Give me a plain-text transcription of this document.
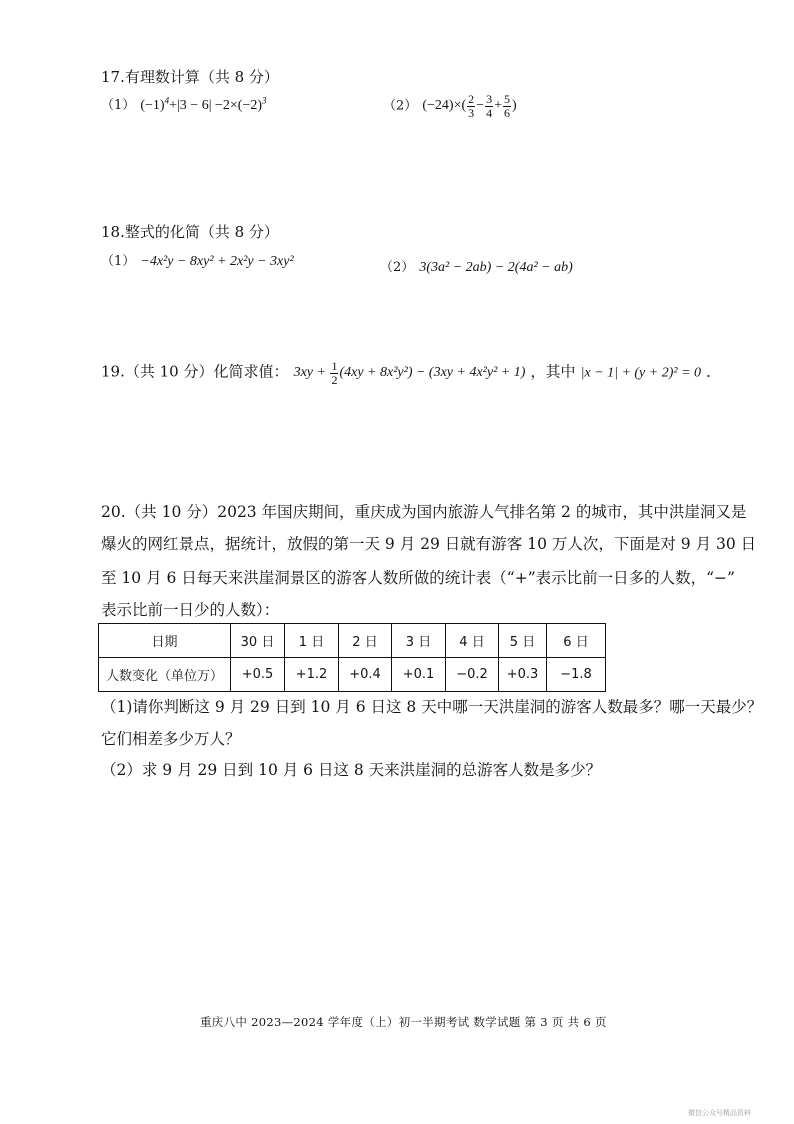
17.有理数计算（共 8 分）
（1） $(-1)^4+|3 - 6| -2\times(-2)^3$	（2） $(-24)\times( \frac{2}{3} - \frac{3}{4} + \frac{5}{6}$ )
18.整式的化简（共 8 分）
（1） −4x²y − 8xy² + 2x²y − 3xy²	（2） 3(3a² − 2ab) − 2(4a² − ab)
19.（共 10 分）化简求值： $3xy + \frac{1}{2} (4xy + 8x^2y^2) - (3xy + 4x^2y^2 + 1)$ ，其中 |x − 1| + (y + 2)² = 0 ．
20.（共 10 分）2023 年国庆期间，重庆成为国内旅游人气排名第 2 的城市，其中洪崖洞又是
爆火的网红景点，据统计，放假的第一天 9 月 29 日就有游客 10 万人次，下面是对 9 月 30 日
至 10 月 6 日每天来洪崖洞景区的游客人数所做的统计表（“+”表示比前一日多的人数，“−”
表示比前一日少的人数）：
日期	30 日	1 日	2 日	3 日	4 日	5 日	6 日
人数变化（单位万）	+0.5	+1.2	+0.4	+0.1	−0.2	+0.3	−1.8
（1)请你判断这 9 月 29 日到 10 月 6 日这 8 天中哪一天洪崖洞的游客人数最多？哪一天最少？
它们相差多少万人？
（2）求 9 月 29 日到 10 月 6 日这 8 天来洪崖洞的总游客人数是多少？
重庆八中 2023—2024 学年度（上）初一半期考试 数学试题 第 3 页 共 6 页
微信公众号精品资料
